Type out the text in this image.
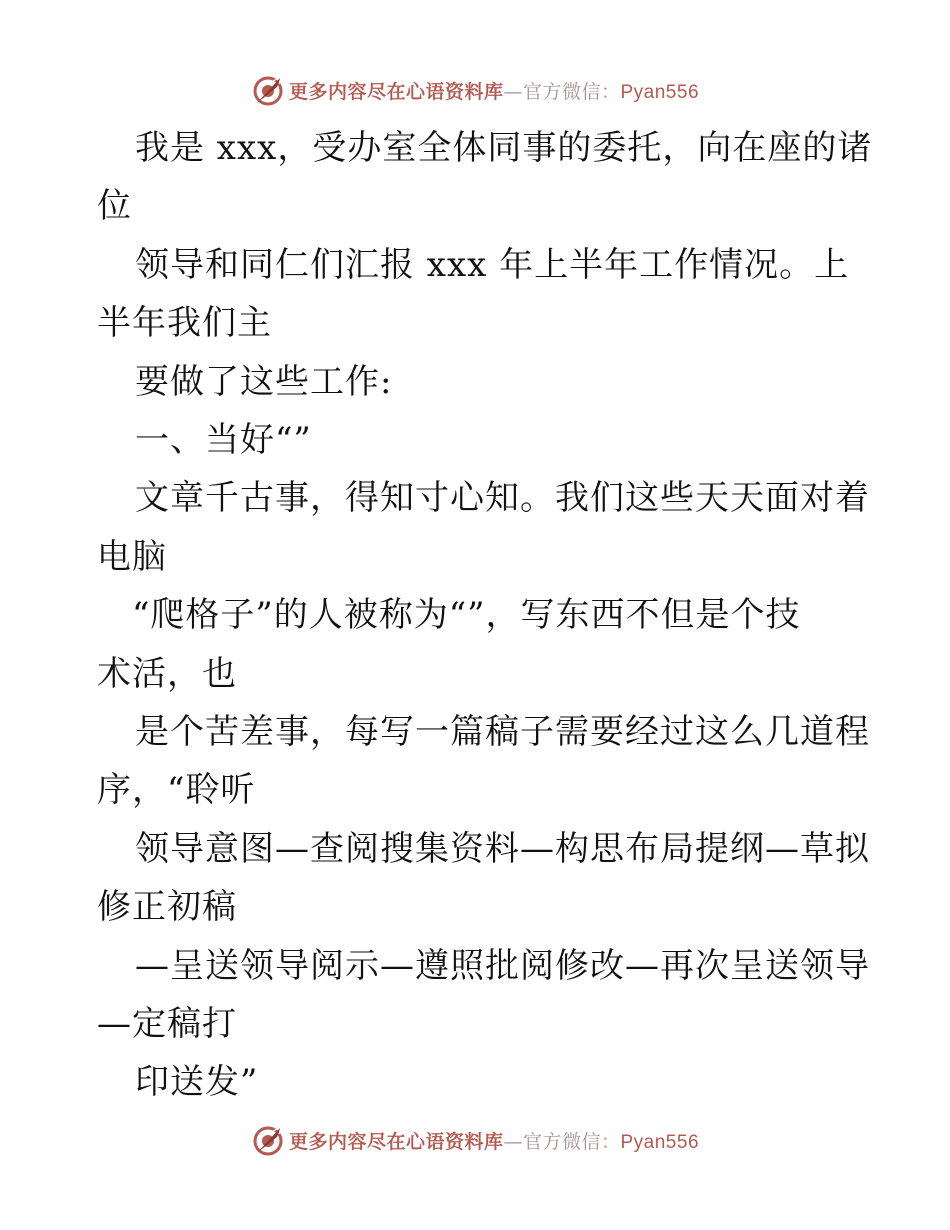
更多内容尽在心语资料库—官方微信：Pyan556
我是 xxx，受办室全体同事的委托，向在座的诸
位
领导和同仁们汇报 xxx 年上半年工作情况。上
半年我们主
要做了这些工作:
一、当好“”
文章千古事，得知寸心知。我们这些天天面对着
电脑
“爬格子”的人被称为“”，写东西不但是个技
术活，也
是个苦差事，每写一篇稿子需要经过这么几道程
序，“聆听
领导意图—查阅搜集资料—构思布局提纲—草拟
修正初稿
—呈送领导阅示—遵照批阅修改—再次呈送领导
—定稿打
印送发”
更多内容尽在心语资料库—官方微信：Pyan556
